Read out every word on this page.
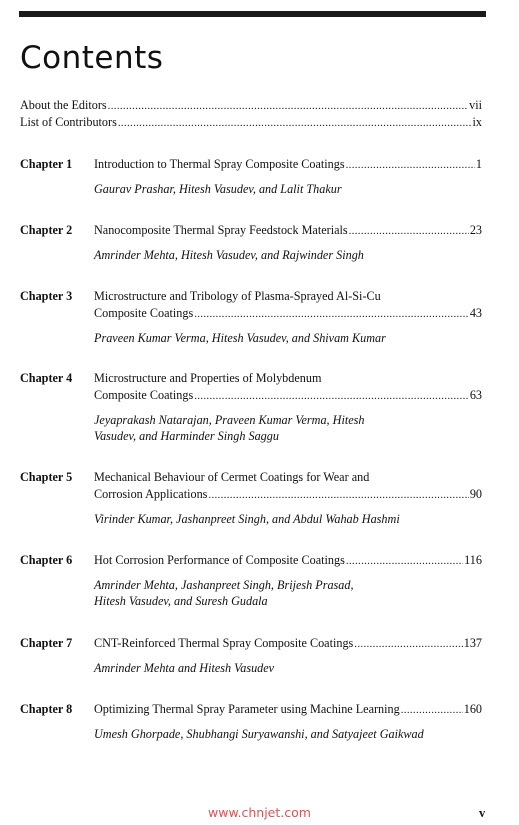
Contents
About the Editors .....	vii
List of Contributors .....	ix
Chapter 1 Introduction to Thermal Spray Composite Coatings .....	1
Gaurav Prashar, Hitesh Vasudev, and Lalit Thakur
Chapter 2 Nanocomposite Thermal Spray Feedstock Materials .....	23
Amrinder Mehta, Hitesh Vasudev, and Rajwinder Singh
Chapter 3 Microstructure and Tribology of Plasma-Sprayed Al-Si-Cu
Composite Coatings .....	43
Praveen Kumar Verma, Hitesh Vasudev, and Shivam Kumar
Chapter 4 Microstructure and Properties of Molybdenum
Composite Coatings .....	63
Jeyaprakash Natarajan, Praveen Kumar Verma, Hitesh
Vasudev, and Harminder Singh Saggu
Chapter 5 Mechanical Behaviour of Cermet Coatings for Wear and
Corrosion Applications .....	90
Virinder Kumar, Jashanpreet Singh, and Abdul Wahab Hashmi
Chapter 6 Hot Corrosion Performance of Composite Coatings .....	116
Amrinder Mehta, Jashanpreet Singh, Brijesh Prasad,
Hitesh Vasudev, and Suresh Gudala
Chapter 7 CNT-Reinforced Thermal Spray Composite Coatings .....	137
Amrinder Mehta and Hitesh Vasudev
Chapter 8 Optimizing Thermal Spray Parameter using Machine Learning .....	160
Umesh Ghorpade, Shubhangi Suryawanshi, and Satyajeet Gaikwad
www.chnjet.com	v
